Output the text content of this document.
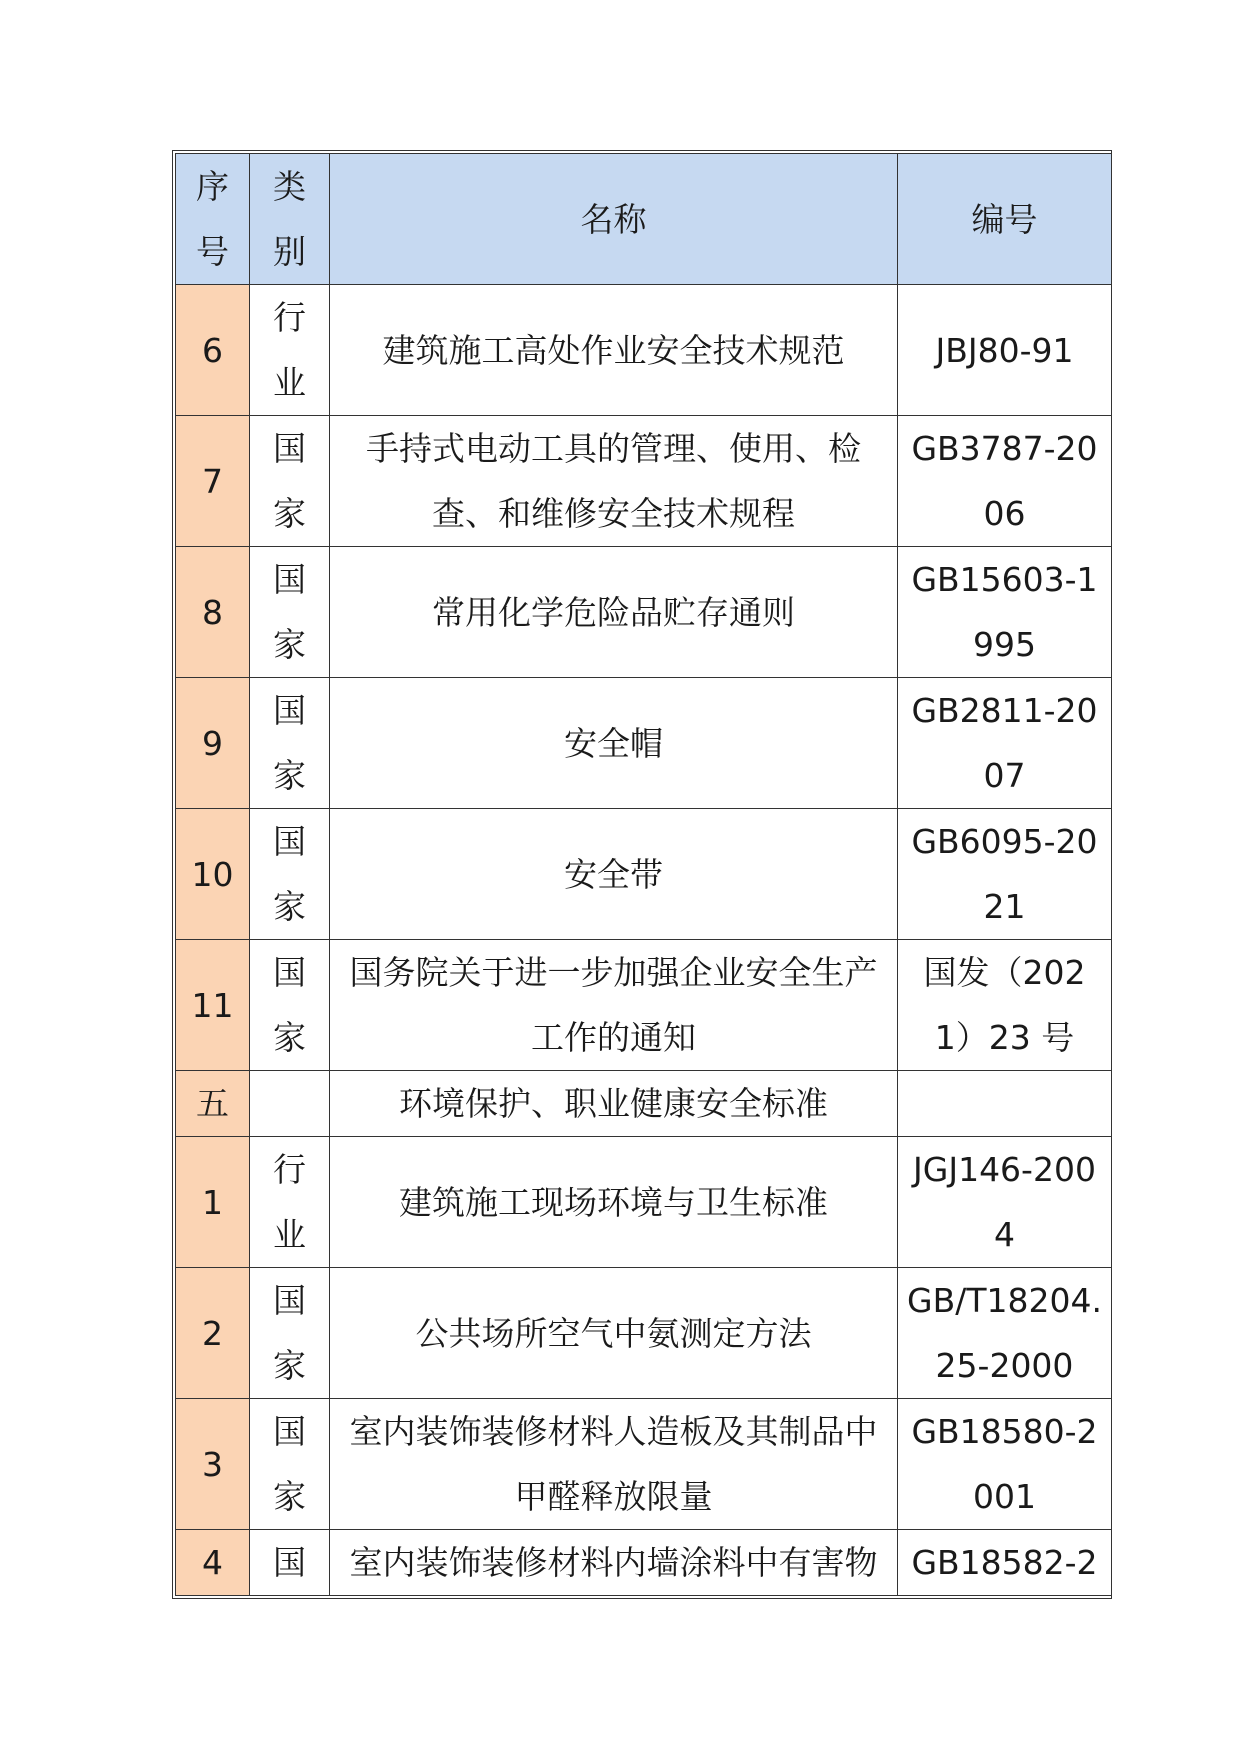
序号	类别	名称	编号
6	行业	建筑施工高处作业安全技术规范	JBJ80-91
7	国家	手持式电动工具的管理、使用、检查、和维修安全技术规程	GB3787-2006
8	国家	常用化学危险品贮存通则	GB15603-1995
9	国家	安全帽	GB2811-2007
10	国家	安全带	GB6095-2021
11	国家	国务院关于进一步加强企业安全生产工作的通知	国发（2021）23 号
五		环境保护、职业健康安全标准	
1	行业	建筑施工现场环境与卫生标准	JGJ146-2004
2	国家	公共场所空气中氨测定方法	GB/T18204.25-2000
3	国家	室内装饰装修材料人造板及其制品中甲醛释放限量	GB18580-2001
4	国	室内装饰装修材料内墙涂料中有害物	GB18582-2
